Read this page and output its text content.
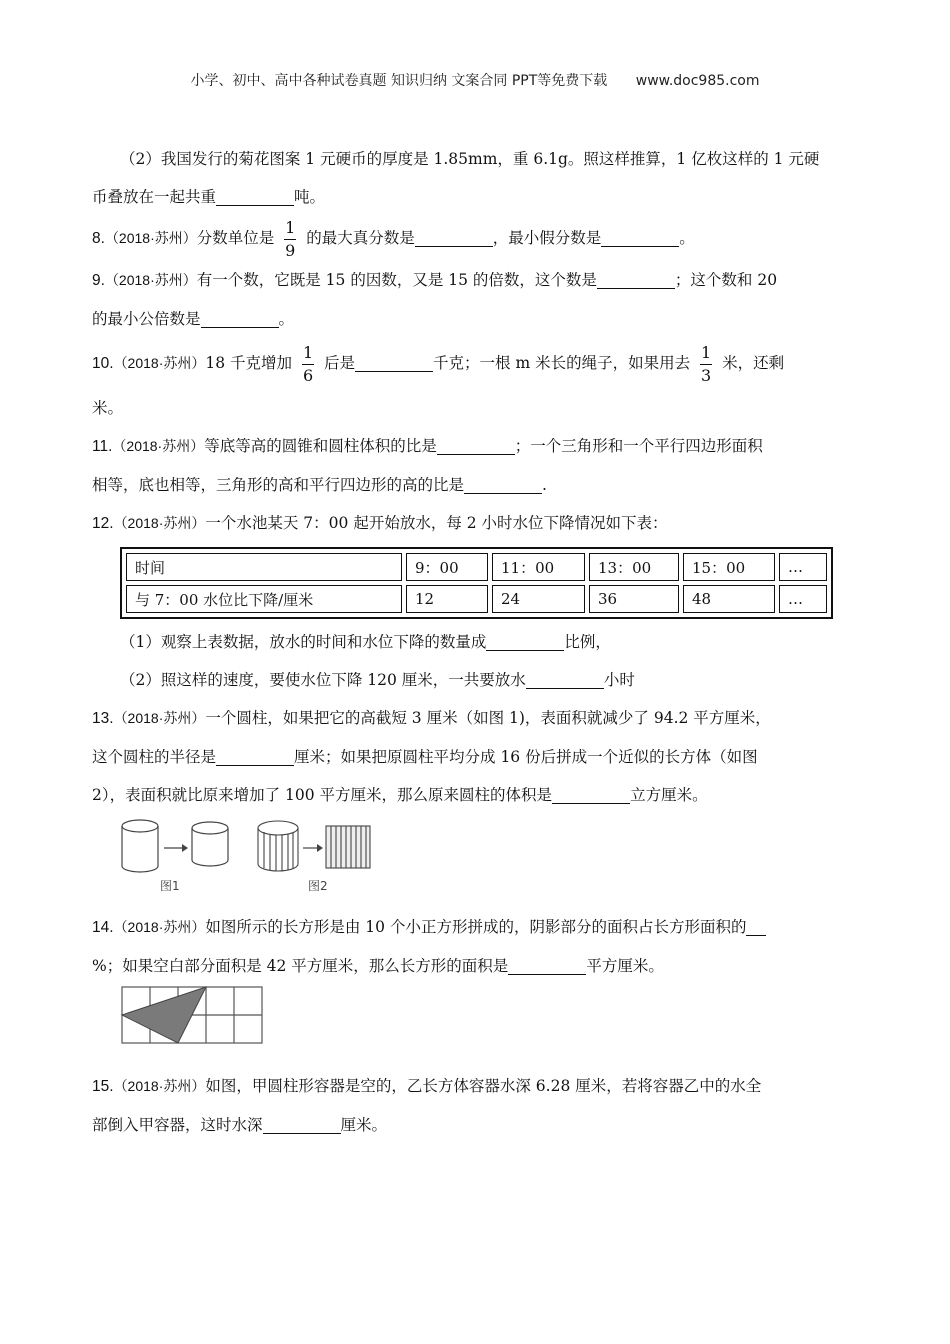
小学、初中、高中各种试卷真题 知识归纳 文案合同 PPT等免费下载 www.doc985.com
（2）我国发行的菊花图案 1 元硬币的厚度是 1.85mm，重 6.1g。照这样推算，1 亿枚这样的 1 元硬
币叠放在一起共重	吨。
8.（2018·苏州）分数单位是 $\frac{1}{9}$ 的最大真分数是	，最小假分数是	。
9.（2018·苏州）有一个数，它既是 15 的因数，又是 15 的倍数，这个数是	；这个数和 20
的最小公倍数是	。
10.（2018·苏州）18 千克增加 $\frac{1}{6}$ 后是	千克；一根 m 米长的绳子，如果用去 $\frac{1}{3}$ 米，还剩
米。
11.（2018·苏州）等底等高的圆锥和圆柱体积的比是	；一个三角形和一个平行四边形面积
相等，底也相等，三角形的高和平行四边形的高的比是	.
12.（2018·苏州）一个水池某天 7：00 起开始放水，每 2 小时水位下降情况如下表：
时间	9：00	11：00	13：00	15：00	…
与 7：00 水位比下降/厘米	12	24	36	48	…
（1）观察上表数据，放水的时间和水位下降的数量成	比例，
（2）照这样的速度，要使水位下降 120 厘米，一共要放水	小时
13.（2018·苏州）一个圆柱，如果把它的高截短 3 厘米（如图 1)，表面积就减少了 94.2 平方厘米，
这个圆柱的半径是	厘米；如果把原圆柱平均分成 16 份后拼成一个近似的长方体（如图
2），表面积就比原来增加了 100 平方厘米，那么原来圆柱的体积是	立方厘米。
图1	图2
14.（2018·苏州）如图所示的长方形是由 10 个小正方形拼成的，阴影部分的面积占长方形面积的
%；如果空白部分面积是 42 平方厘米，那么长方形的面积是	平方厘米。
15.（2018·苏州）如图，甲圆柱形容器是空的，乙长方体容器水深 6.28 厘米，若将容器乙中的水全
部倒入甲容器，这时水深	厘米。
